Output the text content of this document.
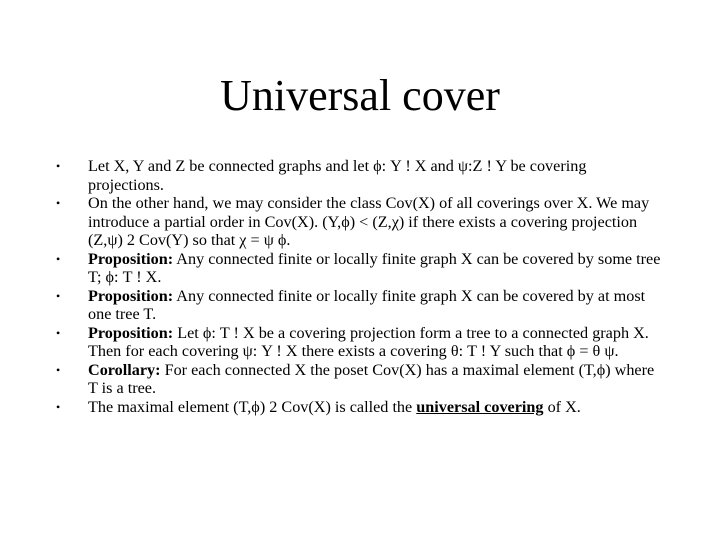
Universal cover
•	Let X, Y and Z be connected graphs and let ϕ: Y ! X and ψ:Z ! Y be covering projections.
•	On the other hand, we may consider the class Cov(X) of all coverings over X. We may introduce a partial order in Cov(X). (Y,ϕ) < (Z,χ) if there exists a covering projection (Z,ψ) 2 Cov(Y) so that χ = ψ ϕ.
•	Proposition: Any connected finite or locally finite graph X can be covered by some tree T; ϕ: T ! X.
•	Proposition: Any connected finite or locally finite graph X can be covered by at most one tree T.
•	Proposition: Let ϕ: T ! X be a covering projection form a tree to a connected graph X. Then for each covering ψ: Y ! X there exists a covering θ: T ! Y such that ϕ = θ ψ.
•	Corollary: For each connected X the poset Cov(X) has a maximal element (T,ϕ) where T is a tree.
•	The maximal element (T,ϕ) 2 Cov(X) is called the universal covering of X.
